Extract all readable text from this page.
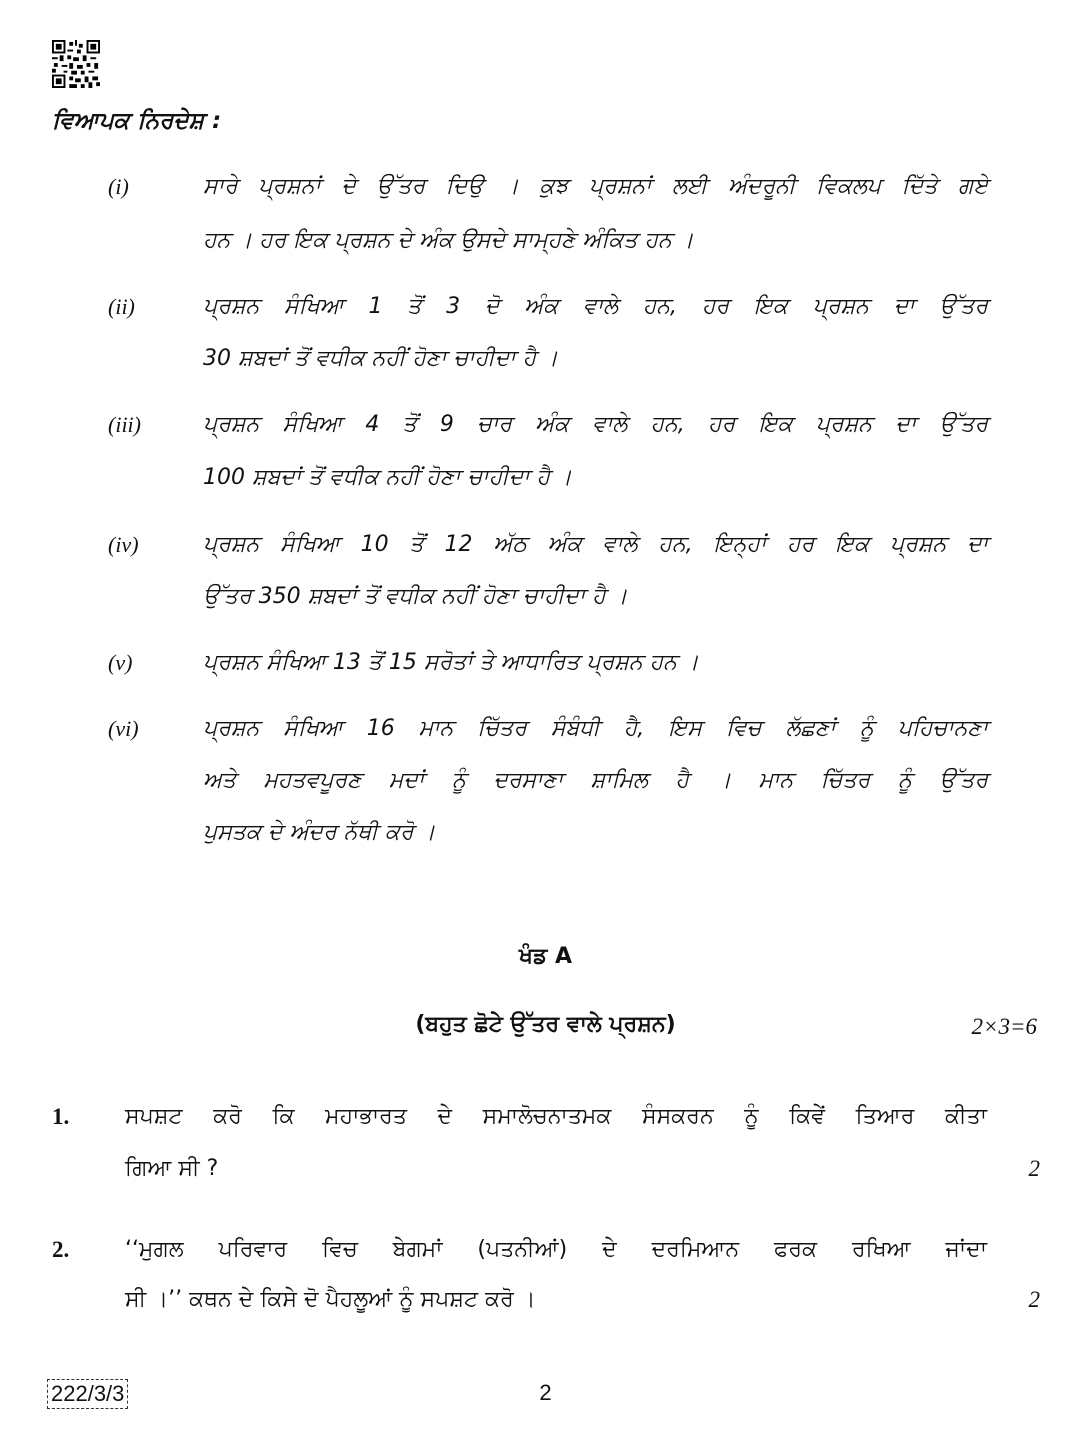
ਵਿਆਪਕ ਨਿਰਦੇਸ਼ :
(i)	ਸਾਰੇ ਪ੍ਰਸ਼ਨਾਂ ਦੇ ਉੱਤਰ ਦਿਉ । ਕੁਝ ਪ੍ਰਸ਼ਨਾਂ ਲਈ ਅੰਦਰੂਨੀ ਵਿਕਲਪ ਦਿੱਤੇ ਗਏ
ਹਨ । ਹਰ ਇਕ ਪ੍ਰਸ਼ਨ ਦੇ ਅੰਕ ਉਸਦੇ ਸਾਮ੍ਹਣੇ ਅੰਕਿਤ ਹਨ ।
(ii)	ਪ੍ਰਸ਼ਨ ਸੰਖਿਆ 1 ਤੋਂ 3 ਦੋ ਅੰਕ ਵਾਲੇ ਹਨ, ਹਰ ਇਕ ਪ੍ਰਸ਼ਨ ਦਾ ਉੱਤਰ
30 ਸ਼ਬਦਾਂ ਤੋਂ ਵਧੀਕ ਨਹੀਂ ਹੋਣਾ ਚਾਹੀਦਾ ਹੈ ।
(iii)	ਪ੍ਰਸ਼ਨ ਸੰਖਿਆ 4 ਤੋਂ 9 ਚਾਰ ਅੰਕ ਵਾਲੇ ਹਨ, ਹਰ ਇਕ ਪ੍ਰਸ਼ਨ ਦਾ ਉੱਤਰ
100 ਸ਼ਬਦਾਂ ਤੋਂ ਵਧੀਕ ਨਹੀਂ ਹੋਣਾ ਚਾਹੀਦਾ ਹੈ ।
(iv)	ਪ੍ਰਸ਼ਨ ਸੰਖਿਆ 10 ਤੋਂ 12 ਅੱਠ ਅੰਕ ਵਾਲੇ ਹਨ, ਇਨ੍ਹਾਂ ਹਰ ਇਕ ਪ੍ਰਸ਼ਨ ਦਾ
ਉੱਤਰ 350 ਸ਼ਬਦਾਂ ਤੋਂ ਵਧੀਕ ਨਹੀਂ ਹੋਣਾ ਚਾਹੀਦਾ ਹੈ ।
(v)	ਪ੍ਰਸ਼ਨ ਸੰਖਿਆ 13 ਤੋਂ 15 ਸਰੋਤਾਂ ਤੇ ਆਧਾਰਿਤ ਪ੍ਰਸ਼ਨ ਹਨ ।
(vi)	ਪ੍ਰਸ਼ਨ ਸੰਖਿਆ 16 ਮਾਨ ਚਿੱਤਰ ਸੰਬੰਧੀ ਹੈ, ਇਸ ਵਿਚ ਲੱਛਣਾਂ ਨੂੰ ਪਹਿਚਾਨਣਾ
ਅਤੇ ਮਹਤਵਪੂਰਣ ਮਦਾਂ ਨੂੰ ਦਰਸਾਣਾ ਸ਼ਾਮਿਲ ਹੈ । ਮਾਨ ਚਿੱਤਰ ਨੂੰ ਉੱਤਰ
ਪੁਸਤਕ ਦੇ ਅੰਦਰ ਨੱਥੀ ਕਰੋ ।
ਖੰਡ A
(ਬਹੁਤ ਛੋਟੇ ਉੱਤਰ ਵਾਲੇ ਪ੍ਰਸ਼ਨ)	2×3=6
1.	ਸਪਸ਼ਟ ਕਰੋ ਕਿ ਮਹਾਭਾਰਤ ਦੇ ਸਮਾਲੋਚਨਾਤਮਕ ਸੰਸਕਰਨ ਨੂੰ ਕਿਵੇਂ ਤਿਆਰ ਕੀਤਾ
ਗਿਆ ਸੀ ?	2
2.	‘‘ਮੁਗਲ ਪਰਿਵਾਰ ਵਿਚ ਬੇਗਮਾਂ (ਪਤਨੀਆਂ) ਦੇ ਦਰਮਿਆਨ ਫਰਕ ਰਖਿਆ ਜਾਂਦਾ
ਸੀ ।’’ ਕਥਨ ਦੇ ਕਿਸੇ ਦੋ ਪੈਹਲੂਆਂ ਨੂੰ ਸਪਸ਼ਟ ਕਰੋ ।	2
222/3/3	2
